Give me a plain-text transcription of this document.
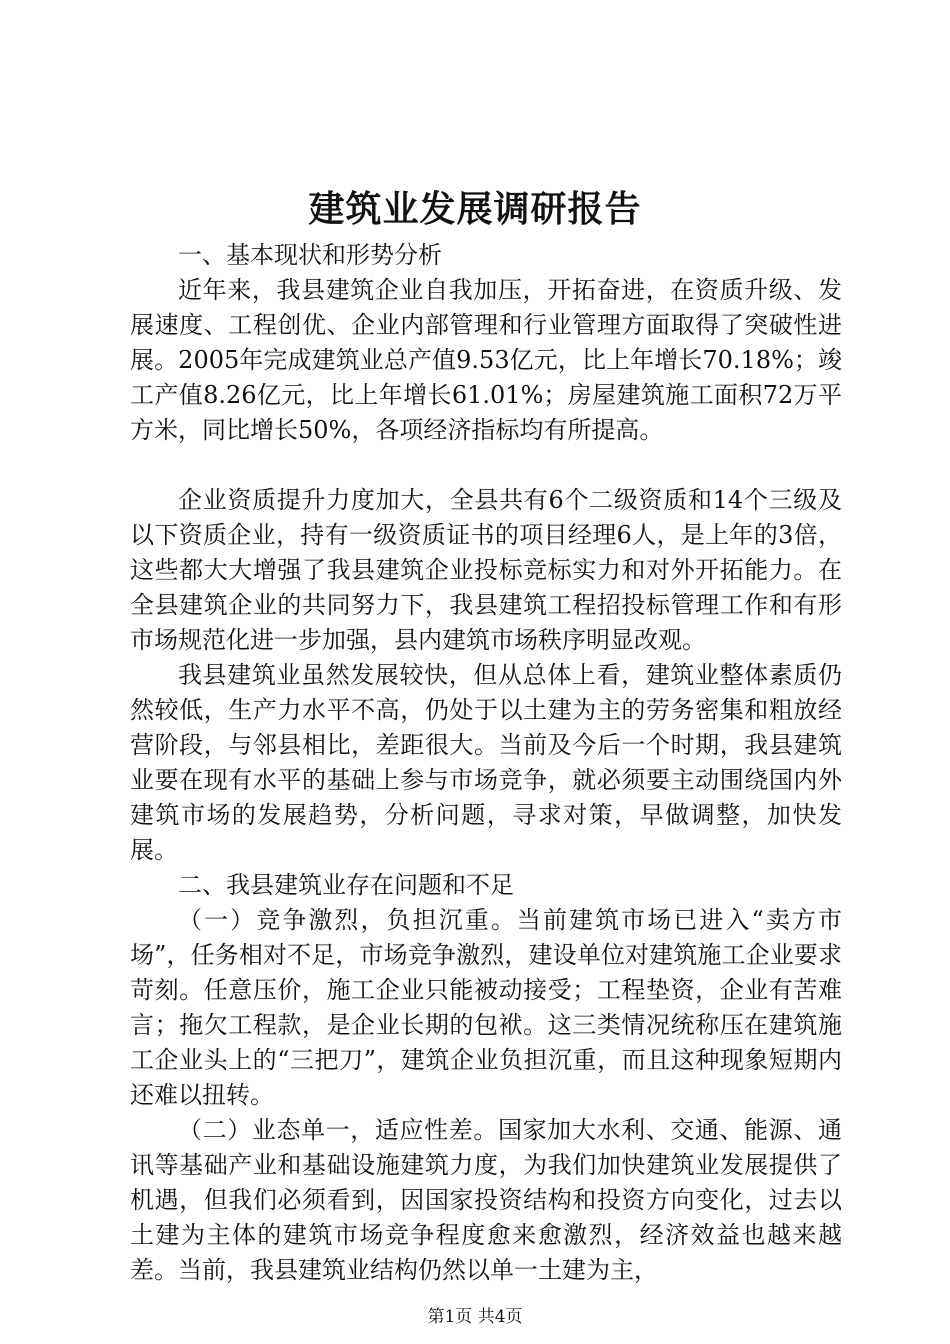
建筑业发展调研报告

一、基本现状和形势分析

近年来，我县建筑企业自我加压，开拓奋进，在资质升级、发展速度、工程创优、企业内部管理和行业管理方面取得了突破性进展。2005年完成建筑业总产值9.53亿元，比上年增长70.18%；竣工产值8.26亿元，比上年增长61.01%；房屋建筑施工面积72万平方米，同比增长50%，各项经济指标均有所提高。

企业资质提升力度加大，全县共有6个二级资质和14个三级及以下资质企业，持有一级资质证书的项目经理6人，是上年的3倍，这些都大大增强了我县建筑企业投标竞标实力和对外开拓能力。在全县建筑企业的共同努力下，我县建筑工程招投标管理工作和有形市场规范化进一步加强，县内建筑市场秩序明显改观。

我县建筑业虽然发展较快，但从总体上看，建筑业整体素质仍然较低，生产力水平不高，仍处于以土建为主的劳务密集和粗放经营阶段，与邻县相比，差距很大。当前及今后一个时期，我县建筑业要在现有水平的基础上参与市场竞争，就必须要主动围绕国内外建筑市场的发展趋势，分析问题，寻求对策，早做调整，加快发展。

二、我县建筑业存在问题和不足

（一）竞争激烈，负担沉重。当前建筑市场已进入“卖方市场”，任务相对不足，市场竞争激烈，建设单位对建筑施工企业要求苛刻。任意压价，施工企业只能被动接受；工程垫资，企业有苦难言；拖欠工程款，是企业长期的包袱。这三类情况统称压在建筑施工企业头上的“三把刀”，建筑企业负担沉重，而且这种现象短期内还难以扭转。

（二）业态单一，适应性差。国家加大水利、交通、能源、通讯等基础产业和基础设施建筑力度，为我们加快建筑业发展提供了机遇，但我们必须看到，因国家投资结构和投资方向变化，过去以土建为主体的建筑市场竞争程度愈来愈激烈，经济效益也越来越差。当前，我县建筑业结构仍然以单一土建为主，

第1页 共4页
